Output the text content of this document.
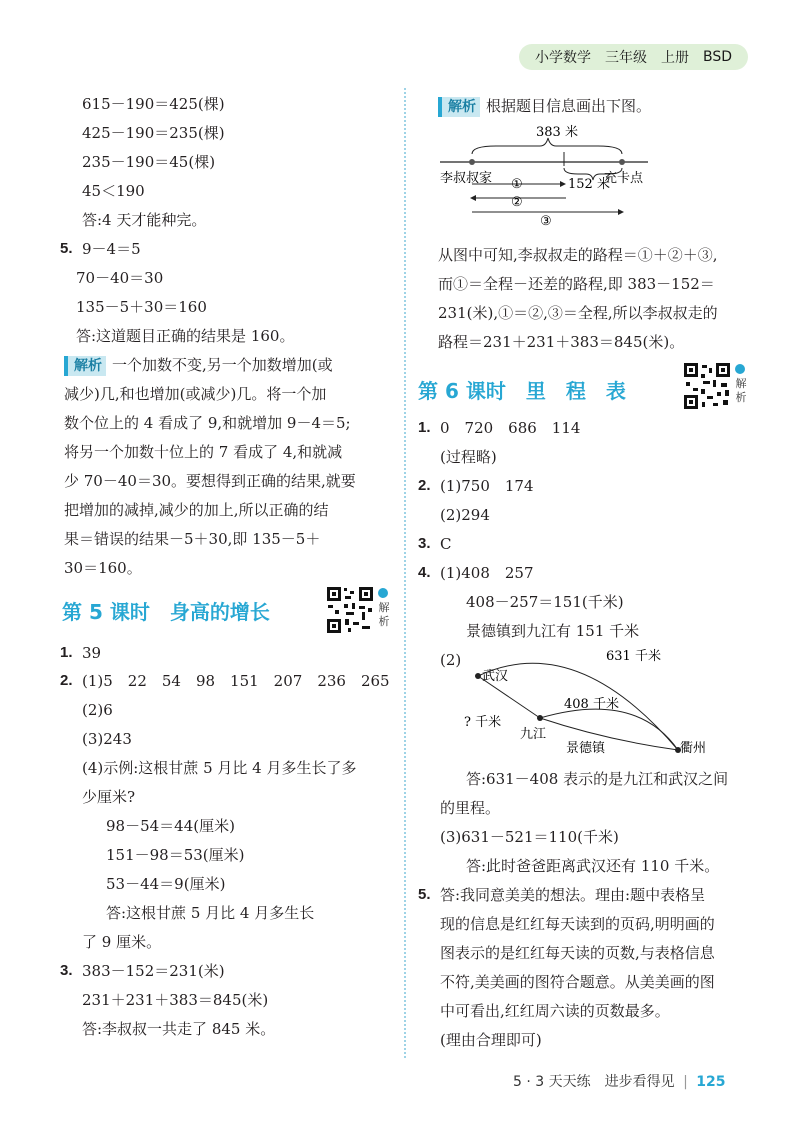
小学数学 三年级 上册 BSD
615－190＝425(棵)
425－190＝235(棵)
235－190＝45(棵)
45＜190
答:4 天才能种完。
5. 9－4＝5
70－40＝30
135－5＋30＝160
答:这道题目正确的结果是 160。
解析 一个加数不变,另一个加数增加(或
减少)几,和也增加(或减少)几。将一个加
数个位上的 4 看成了 9,和就增加 9－4＝5;
将另一个加数十位上的 7 看成了 4,和就减
少 70－40＝30。要想得到正确的结果,就要
把增加的减掉,减少的加上,所以正确的结
果＝错误的结果－5＋30,即 135－5＋
30＝160。
第 5 课时　身高的增长	解析
1. 39
2. (1)5　22　54　98　151　207　236　265
(2)6
(3)243
(4)示例:这根甘蔗 5 月比 4 月多生长了多
少厘米?
98－54＝44(厘米)
151－98＝53(厘米)
53－44＝9(厘米)
答:这根甘蔗 5 月比 4 月多生长
了 9 厘米。
3. 383－152＝231(米)
231＋231＋383＝845(米)
答:李叔叔一共走了 845 米。
解析 根据题目信息画出下图。
383 米
李叔叔家	152 米
充卡点
①
②
③
从图中可知,李叔叔走的路程＝①＋②＋③,
而①＝全程－还差的路程,即 383－152＝
231(米),①＝②,③＝全程,所以李叔叔走的
路程＝231＋231＋383＝845(米)。
第 6 课时　里　程　表	解析
1. 0　720　686　114
(过程略)
2. (1)750　174
(2)294
3. C
4. (1)408　257
408－257＝151(千米)
景德镇到九江有 151 千米
(2)
武汉
九江
景德镇	衢州
631 千米
408 千米
? 千米
答:631－408 表示的是九江和武汉之间
的里程。
(3)631－521＝110(千米)
答:此时爸爸距离武汉还有 110 千米。
5. 答:我同意美美的想法。理由:题中表格呈
现的信息是红红每天读到的页码,明明画的
图表示的是红红每天读的页数,与表格信息
不符,美美画的图符合题意。从美美画的图
中可看出,红红周六读的页数最多。
(理由合理即可)
5 · 3 天天练　进步看得见 | 125
